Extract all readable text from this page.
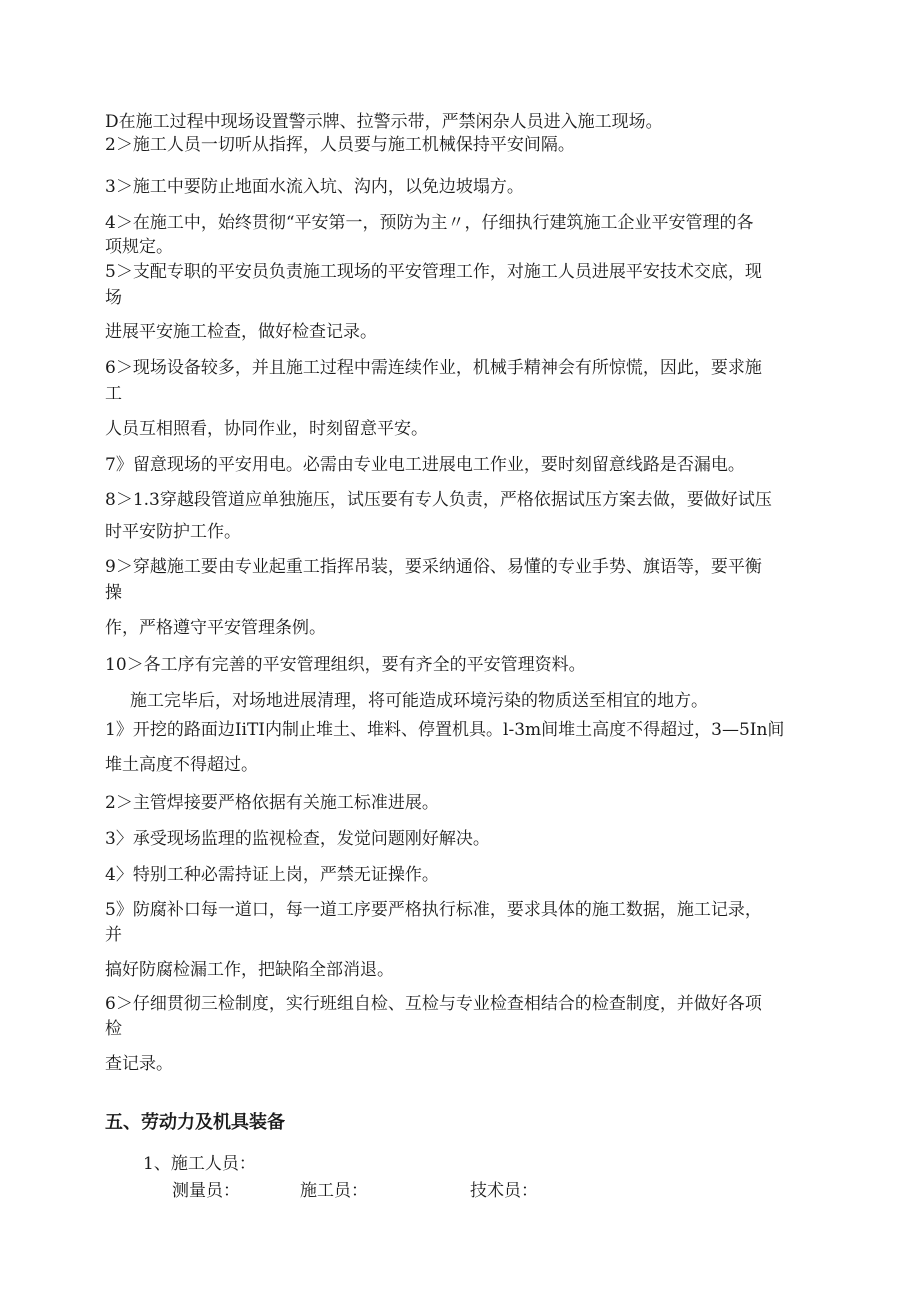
D在施工过程中现场设置警示牌、拉警示带，严禁闲杂人员进入施工现场。
2＞施工人员一切听从指挥，人员要与施工机械保持平安间隔。
3＞施工中要防止地面水流入坑、沟内，以免边坡塌方。
4＞在施工中，始终贯彻“平安第一，预防为主〃，仔细执行建筑施工企业平安管理的各
项规定。
5＞支配专职的平安员负责施工现场的平安管理工作，对施工人员进展平安技术交底，现
场
进展平安施工检查，做好检查记录。
6＞现场设备较多，并且施工过程中需连续作业，机械手精神会有所惊慌，因此，要求施
工
人员互相照看，协同作业，时刻留意平安。
7》留意现场的平安用电。必需由专业电工进展电工作业，要时刻留意线路是否漏电。
8＞1.3穿越段管道应单独施压，试压要有专人负责，严格依据试压方案去做，要做好试压
时平安防护工作。
9＞穿越施工要由专业起重工指挥吊装，要采纳通俗、易懂的专业手势、旗语等，要平衡
操
作，严格遵守平安管理条例。
10＞各工序有完善的平安管理组织，要有齐全的平安管理资料。
施工完毕后，对场地进展清理，将可能造成环境污染的物质送至相宜的地方。
1》开挖的路面边IiTI内制止堆土、堆料、停置机具。l-3m间堆土高度不得超过，3—5In间
堆土高度不得超过。
2＞主管焊接要严格依据有关施工标准进展。
3〉承受现场监理的监视检查，发觉问题刚好解决。
4〉特别工种必需持证上岗，严禁无证操作。
5》防腐补口每一道口，每一道工序要严格执行标准，要求具体的施工数据，施工记录，
并
搞好防腐检漏工作，把缺陷全部消退。
6＞仔细贯彻三检制度，实行班组自检、互检与专业检查相结合的检查制度，并做好各项
检
查记录。
五、劳动力及机具装备
1、施工人员：
测量员：	施工员：	技术员：
